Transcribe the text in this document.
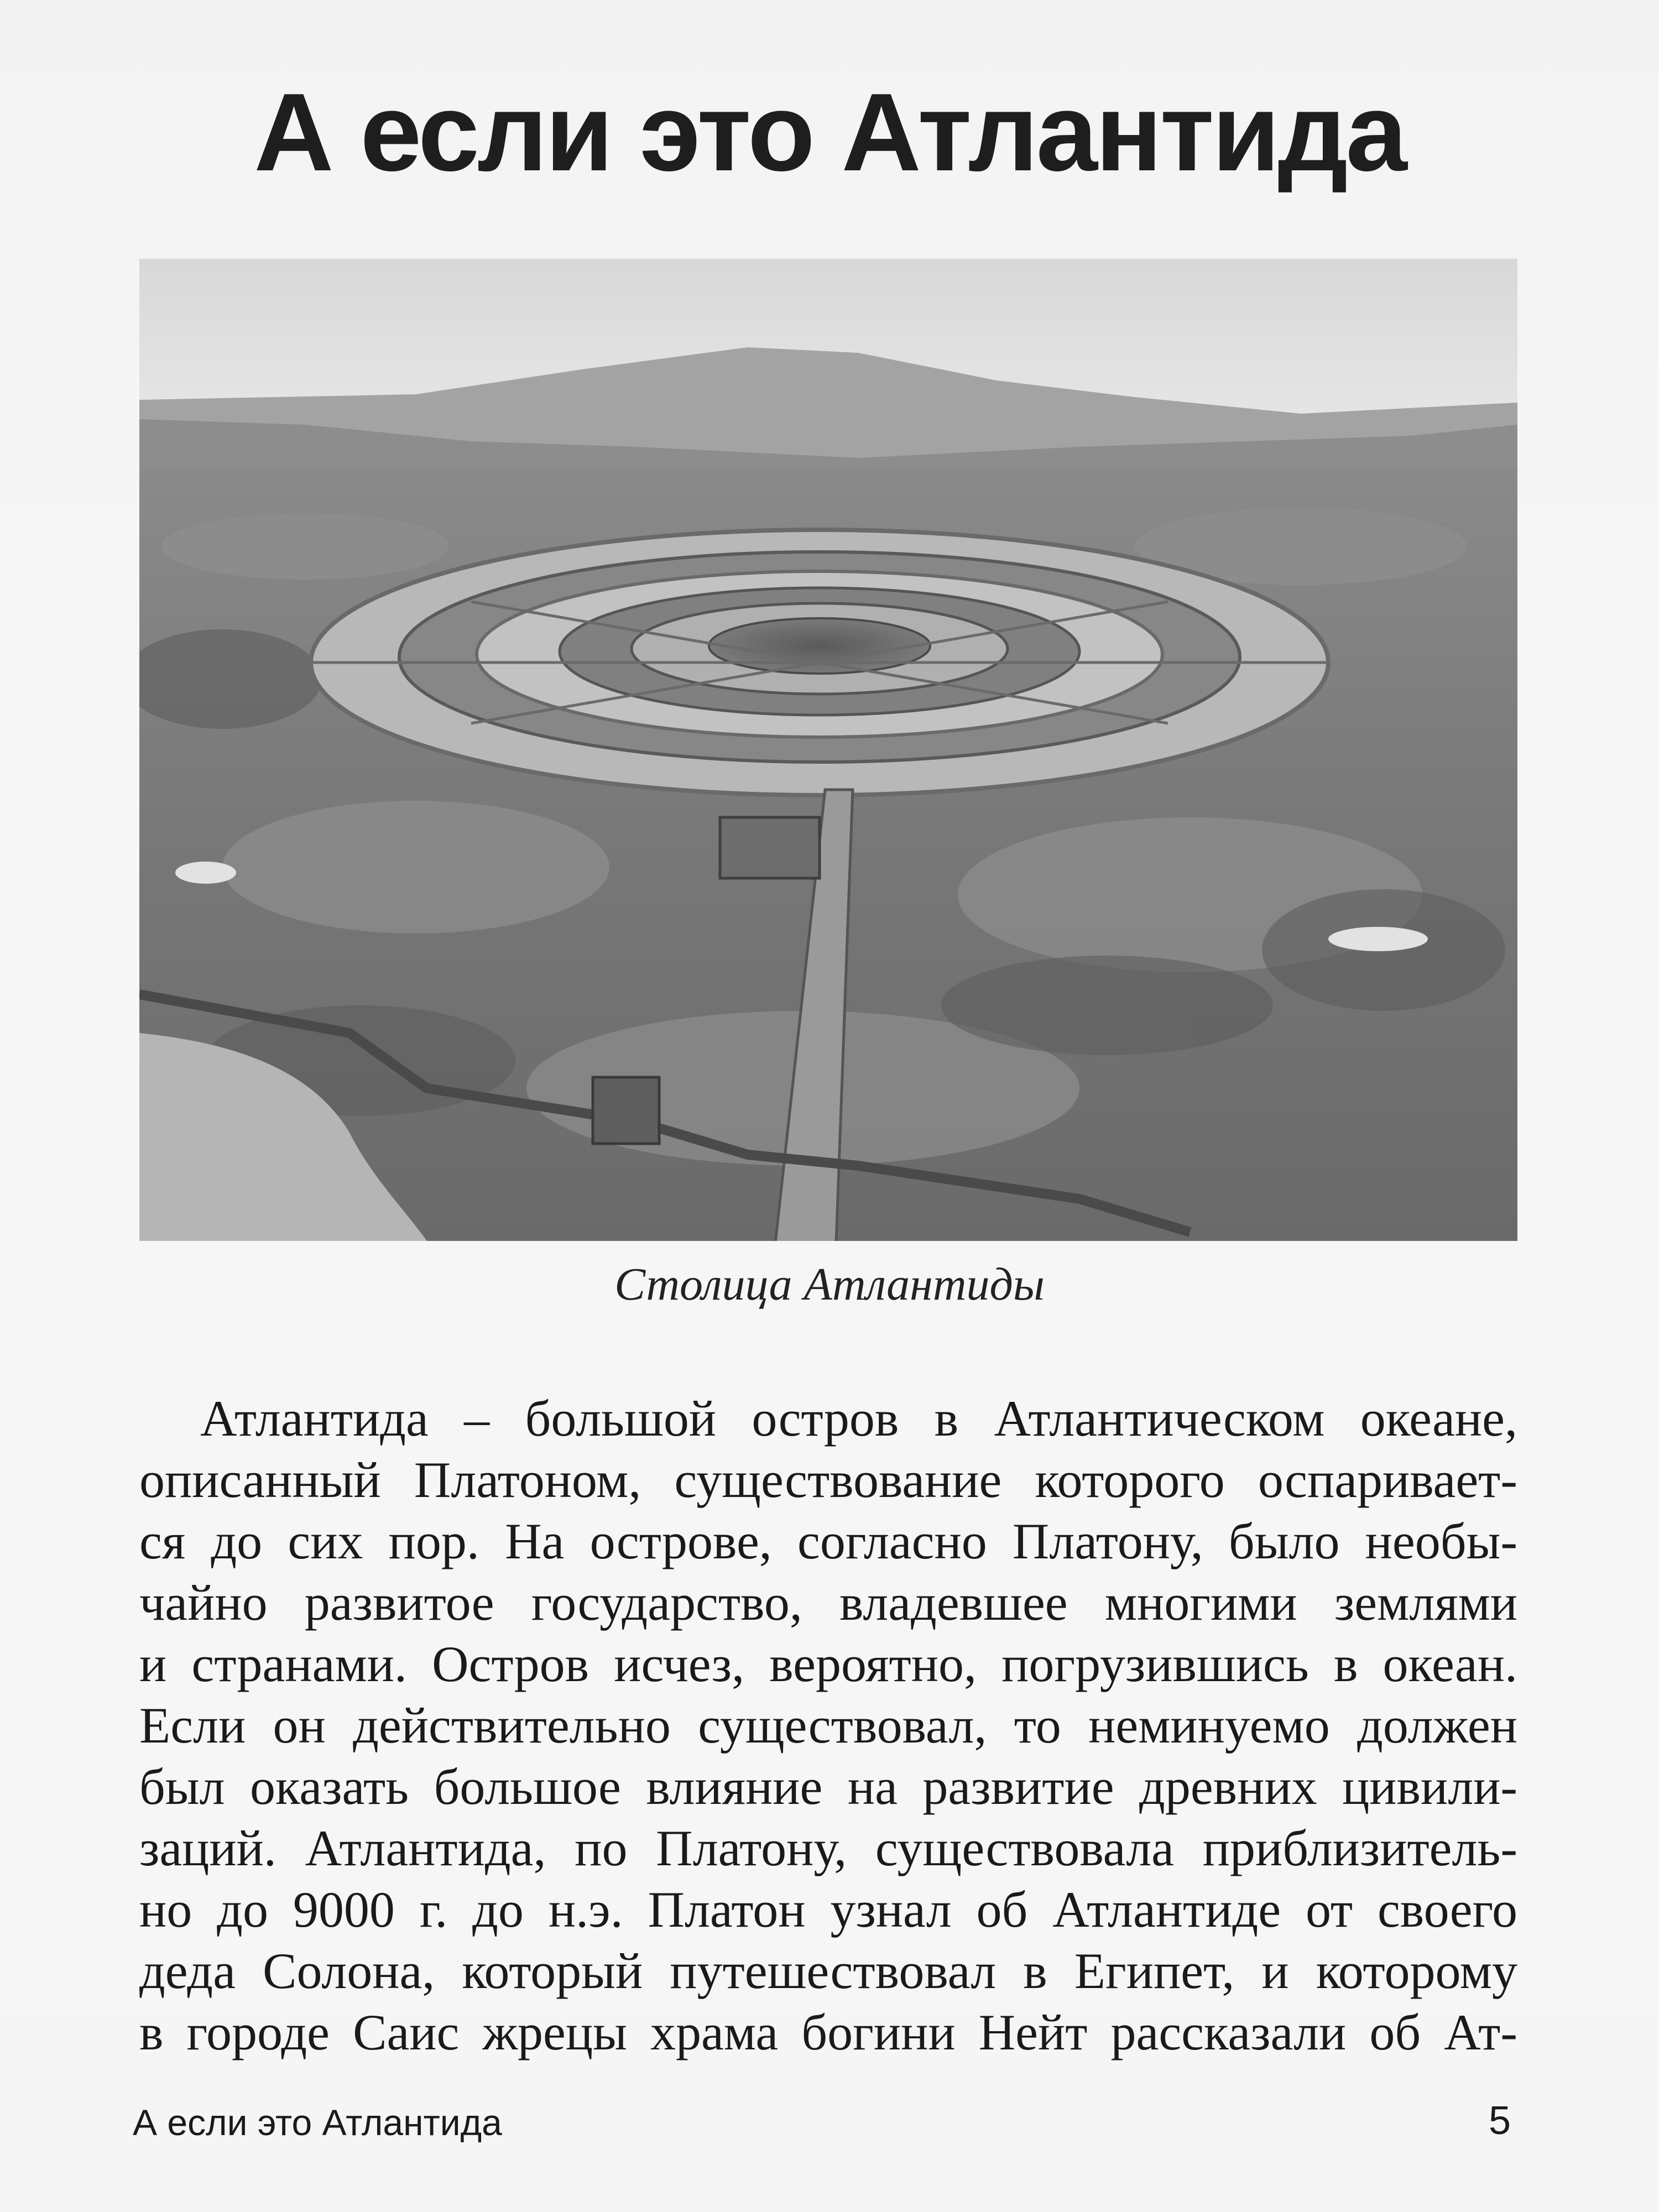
А если это Атлантида
Столица Атлантиды
Атлантида – большой остров в Атлантическом океане,
описанный Платоном, существование которого оспаривает-
ся до сих пор. На острове, согласно Платону, было необы-
чайно развитое государство, владевшее многими землями
и странами. Остров исчез, вероятно, погрузившись в океан.
Если он действительно существовал, то неминуемо должен
был оказать большое влияние на развитие древних цивили-
заций. Атлантида, по Платону, существовала приблизитель-
но до 9000 г. до н.э. Платон узнал об Атлантиде от своего
деда Солона, который путешествовал в Египет, и которому
в городе Саис жрецы храма богини Нейт рассказали об Ат-
А если это Атлантида	5
